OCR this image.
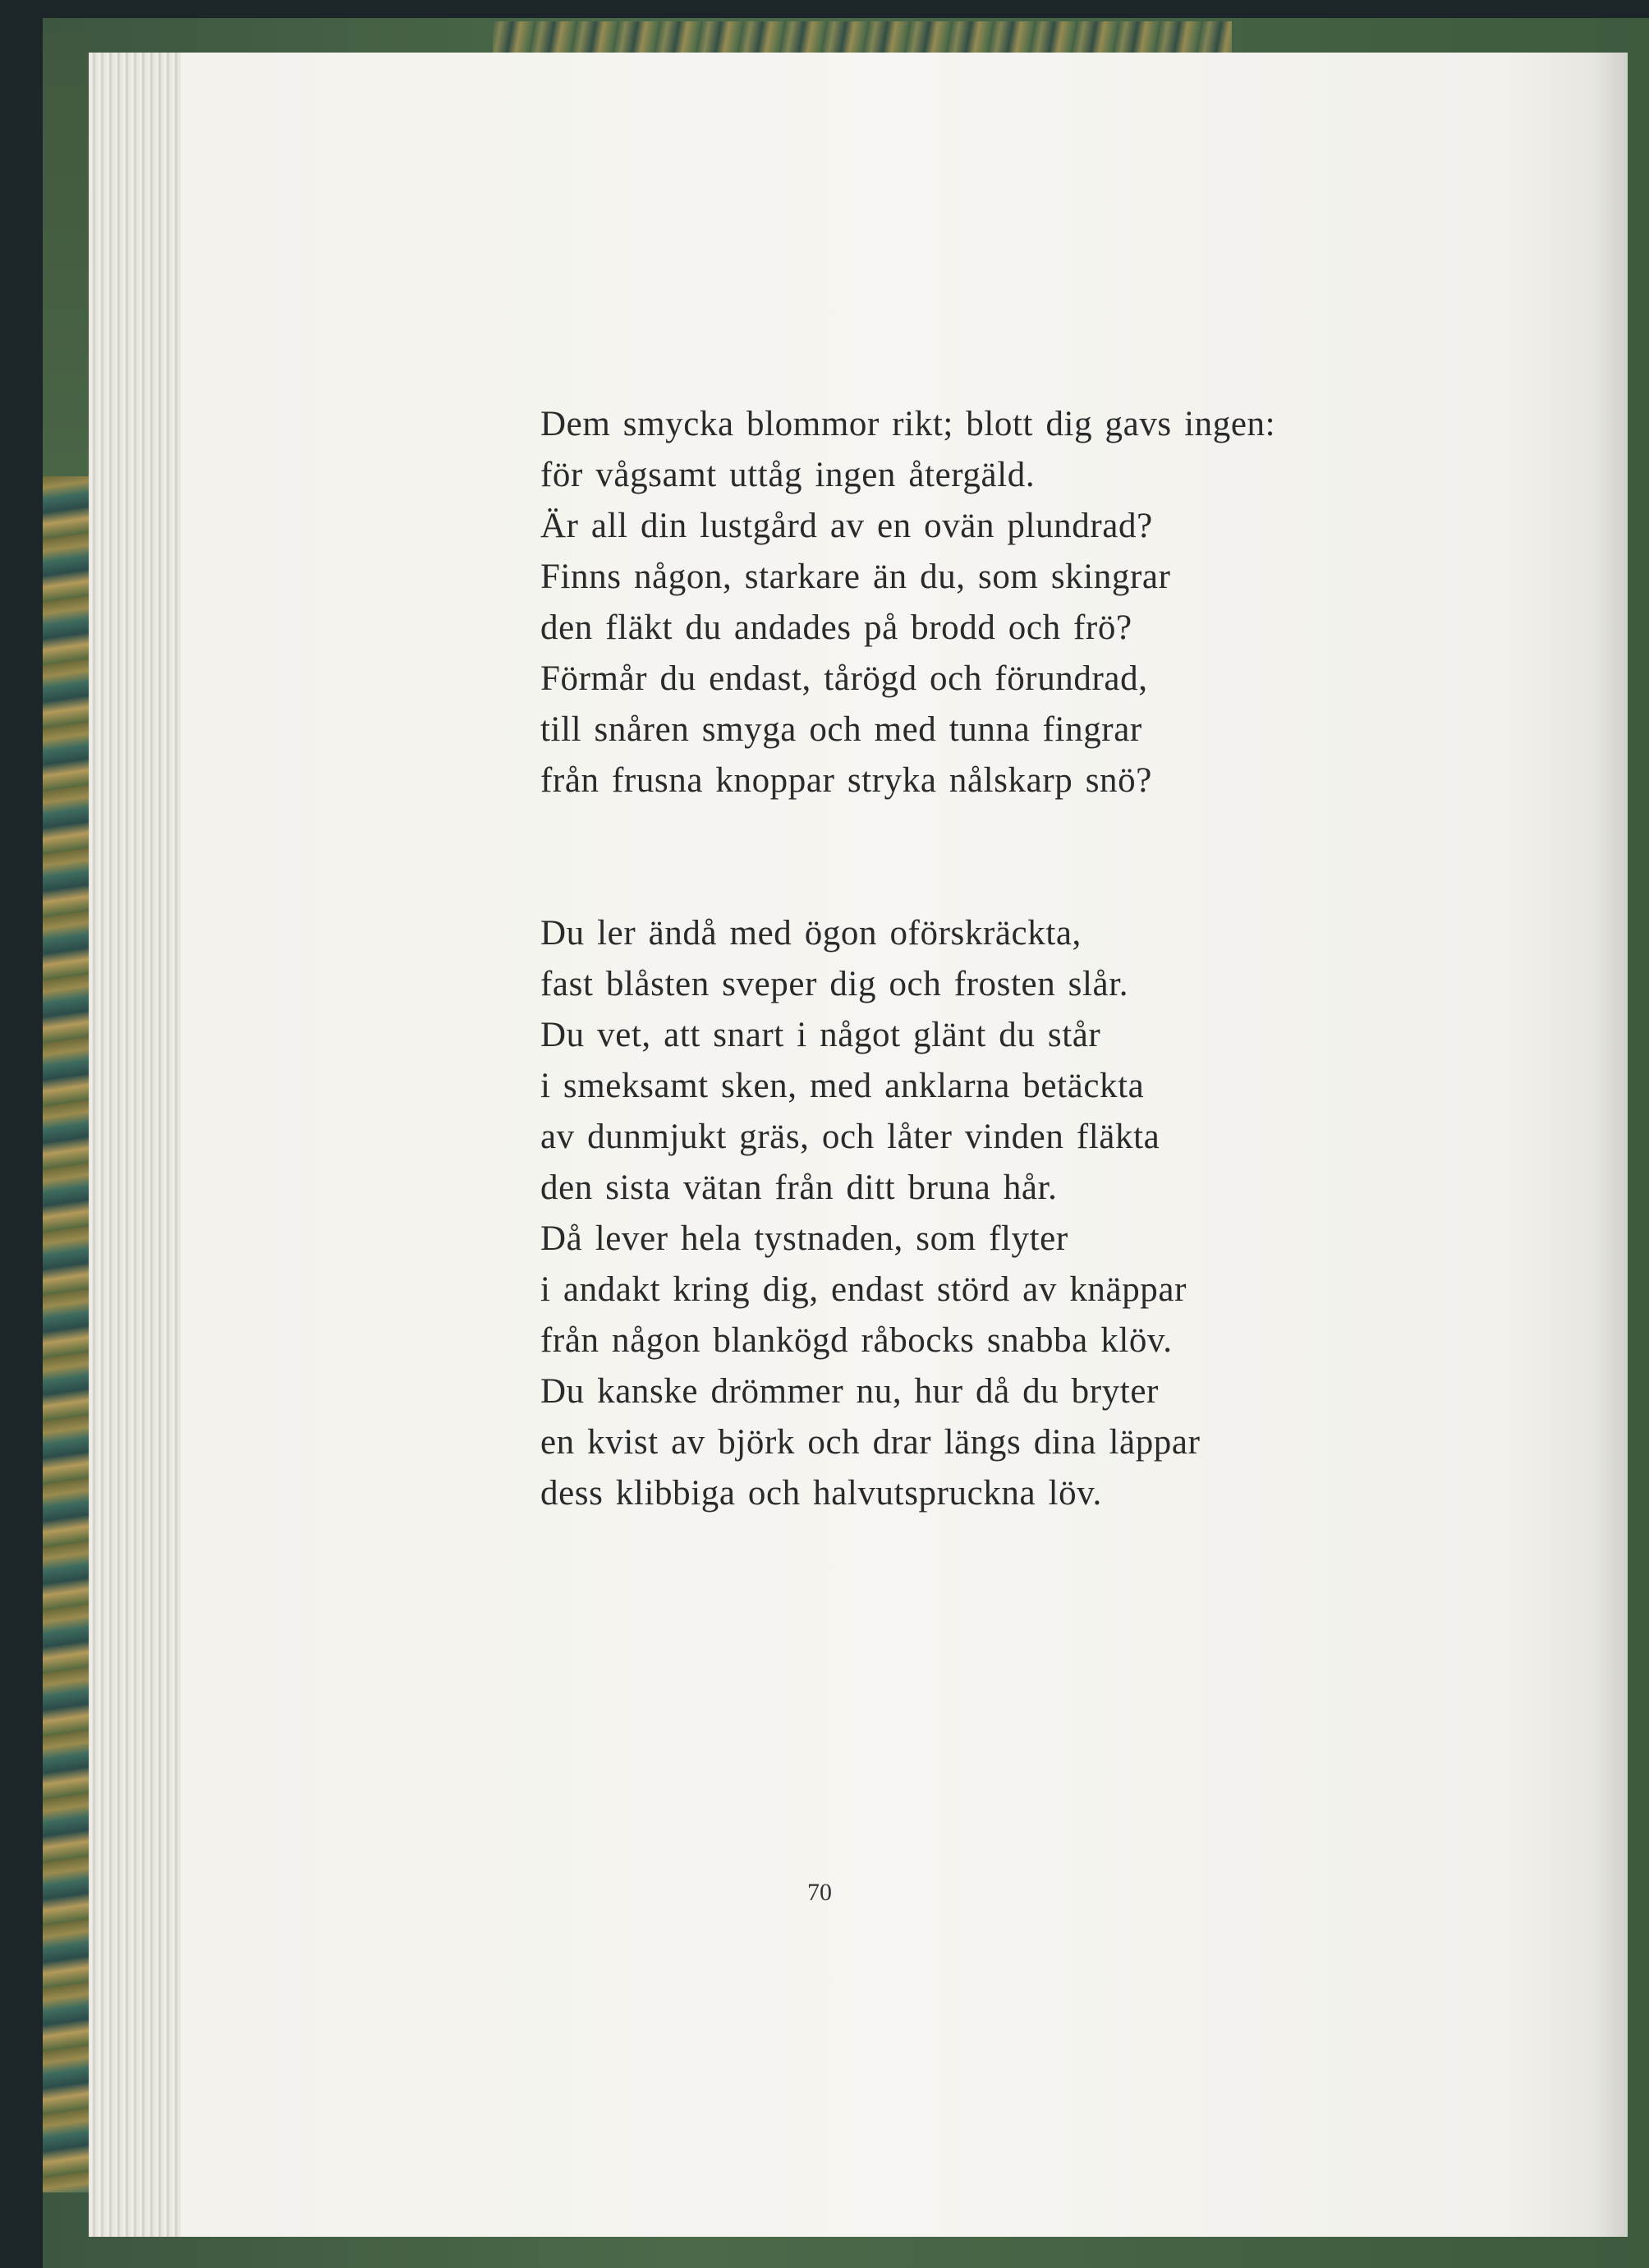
Dem smycka blommor rikt; blott dig gavs ingen:
för vågsamt uttåg ingen återgäld.
Är all din lustgård av en ovän plundrad?
Finns någon, starkare än du, som skingrar
den fläkt du andades på brodd och frö?
Förmår du endast, tårögd och förundrad,
till snåren smyga och med tunna fingrar
från frusna knoppar stryka nålskarp snö?
Du ler ändå med ögon oförskräckta,
fast blåsten sveper dig och frosten slår.
Du vet, att snart i något glänt du står
i smeksamt sken, med anklarna betäckta
av dunmjukt gräs, och låter vinden fläkta
den sista vätan från ditt bruna hår.
Då lever hela tystnaden, som flyter
i andakt kring dig, endast störd av knäppar
från någon blankögd råbocks snabba klöv.
Du kanske drömmer nu, hur då du bryter
en kvist av björk och drar längs dina läppar
dess klibbiga och halvutspruckna löv.
70
